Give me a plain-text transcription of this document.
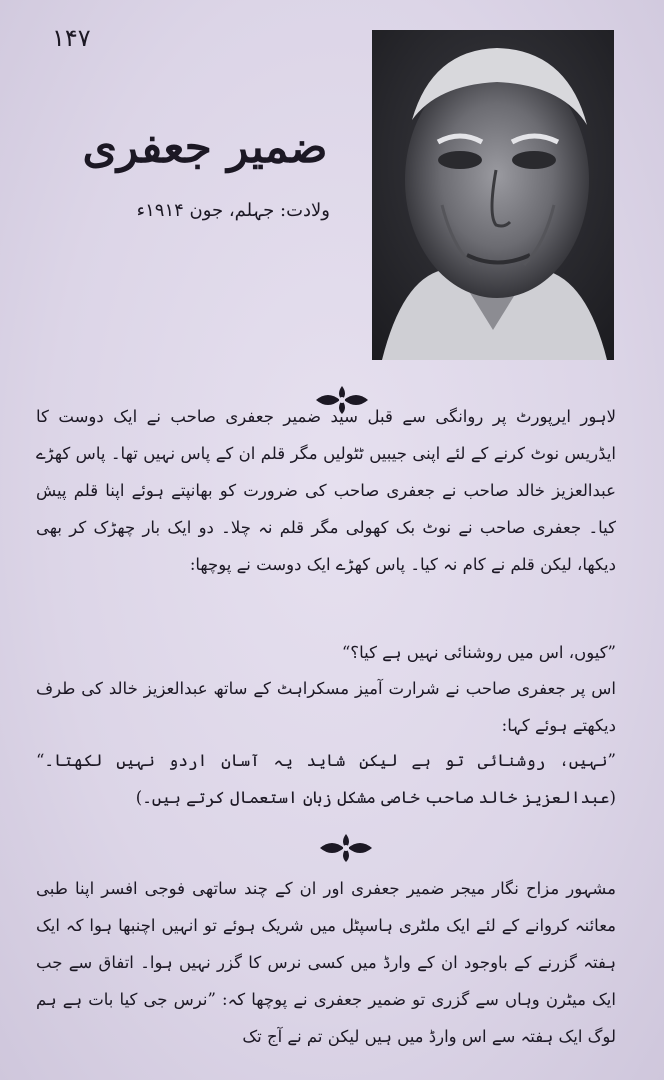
۱۴۷
ضمیر جعفری
ولادت: جہلم، جون ۱۹۱۴ء
لاہور ایرپورٹ پر روانگی سے قبل سید ضمیر جعفری صاحب نے ایک دوست کا ایڈریس نوٹ کرنے کے لئے اپنی جیبیں ٹٹولیں مگر قلم ان کے پاس نہیں تھا۔ پاس کھڑے عبدالعزیز خالد صاحب نے جعفری صاحب کی ضرورت کو بھانپتے ہوئے اپنا قلم پیش کیا۔ جعفری صاحب نے نوٹ بک کھولی مگر قلم نہ چلا۔ دو ایک بار چھڑک کر بھی دیکھا، لیکن قلم نے کام نہ کیا۔ پاس کھڑے ایک دوست نے پوچھا:
”کیوں، اس میں روشنائی نہیں ہے کیا؟“
اس پر جعفری صاحب نے شرارت آمیز مسکراہٹ کے ساتھ عبدالعزیز خالد کی طرف دیکھتے ہوئے کہا:
”نہیں، روشنائی تو ہے لیکن شاید یہ آسان اردو نہیں لکھتا۔“ (عبدالعزیز خالد صاحب خاصی مشکل زبان استعمال کرتے ہیں۔)
مشہور مزاح نگار میجر ضمیر جعفری اور ان کے چند ساتھی فوجی افسر اپنا طبی معائنہ کروانے کے لئے ایک ملٹری ہاسپٹل میں شریک ہوئے تو انہیں اچنبھا ہوا کہ ایک ہفتہ گزرنے کے باوجود ان کے وارڈ میں کسی نرس کا گزر نہیں ہوا۔ اتفاق سے جب ایک میٹرن وہاں سے گزری تو ضمیر جعفری نے پوچھا کہ: ”نرس جی کیا بات ہے ہم لوگ ایک ہفتہ سے اس وارڈ میں ہیں لیکن تم نے آج تک
